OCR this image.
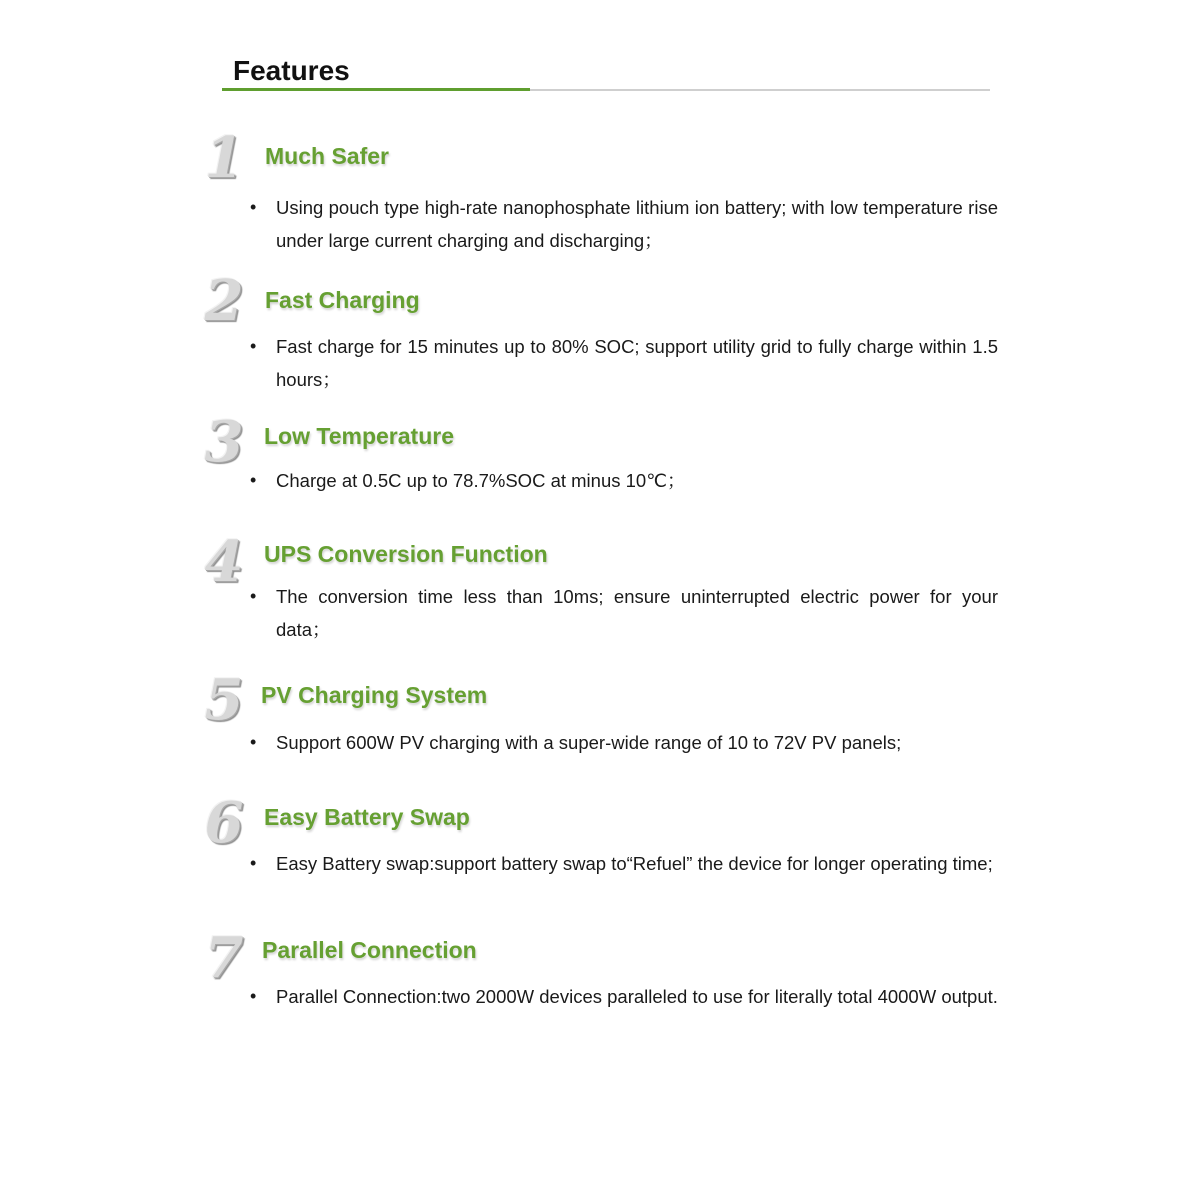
Features
1 Much Safer
• Using pouch type high-rate nanophosphate lithium ion battery; with low temperature rise under large current charging and discharging；

2 Fast Charging
• Fast charge for 15 minutes up to 80% SOC; support utility grid to fully charge within 1.5 hours；

3 Low Temperature
• Charge at 0.5C up to 78.7%SOC at minus 10℃；

4 UPS Conversion Function
• The conversion time less than 10ms; ensure uninterrupted electric power for your data；

5 PV Charging System
• Support 600W PV charging with a super-wide range of 10 to 72V PV panels;

6 Easy Battery Swap
• Easy Battery swap:support battery swap to“Refuel” the device for longer operating time;

7 Parallel Connection
• Parallel Connection:two 2000W devices paralleled to use for literally total 4000W output.
